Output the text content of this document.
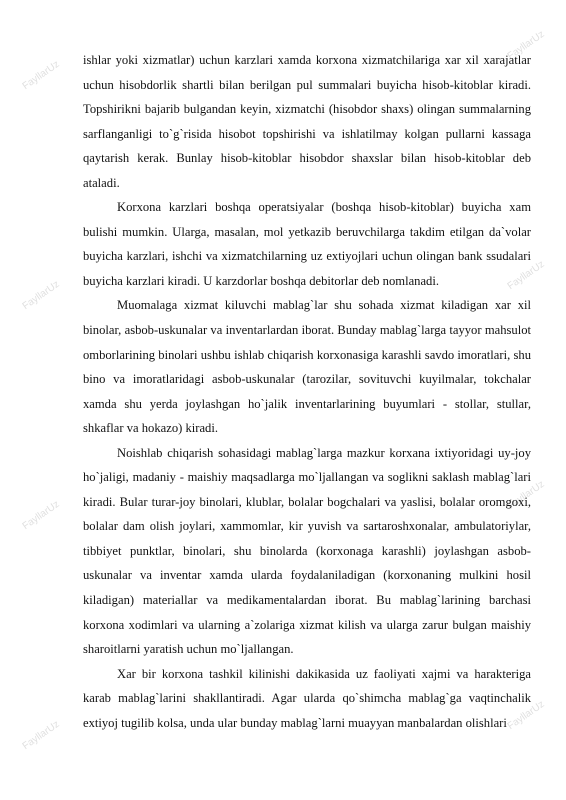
FayllarUz
FayllarUz
FayllarUz
FayllarUz
FayllarUz
FayllarUz
FayllarUz
FayllarUz

ishlar yoki xizmatlar) uchun karzlari xamda korxona xizmatchilariga xar xil xarajatlar uchun hisobdorlik shartli bilan berilgan pul summalari buyicha hisob-kitoblar kiradi. Topshirikni bajarib bulgandan keyin, xizmatchi (hisobdor shaxs) olingan summalarning sarflanganligi to`g`risida hisobot topshirishi va ishlatilmay kolgan pullarni kassaga qaytarish kerak. Bunlay hisob-kitoblar hisobdor shaxslar bilan hisob-kitoblar deb ataladi.

Korxona karzlari boshqa operatsiyalar (boshqa hisob-kitoblar) buyicha xam bulishi mumkin. Ularga, masalan, mol yetkazib beruvchilarga takdim etilgan da`volar buyicha karzlari, ishchi va xizmatchilarning uz extiyojlari uchun olingan bank ssudalari buyicha karzlari kiradi. U karzdorlar boshqa debitorlar deb nomlanadi.

Muomalaga xizmat kiluvchi mablag`lar shu sohada xizmat kiladigan xar xil binolar, asbob-uskunalar va inventarlardan iborat. Bunday mablag`larga tayyor mahsulot omborlarining binolari ushbu ishlab chiqarish korxonasiga karashli savdo imoratlari, shu bino va imoratlaridagi asbob-uskunalar (tarozilar, sovituvchi kuyilmalar, tokchalar xamda shu yerda joylashgan ho`jalik inventarlarining buyumlari - stollar, stullar, shkaflar va hokazo) kiradi.

Noishlab chiqarish sohasidagi mablag`larga mazkur korxana ixtiyoridagi uy-joy ho`jaligi, madaniy - maishiy maqsadlarga mo`ljallangan va soglikni saklash mablag`lari kiradi. Bular turar-joy binolari, klublar, bolalar bogchalari va yaslisi, bolalar oromgoxi, bolalar dam olish joylari, xammomlar, kir yuvish va sartaroshxonalar, ambulatoriylar, tibbiyet punktlar, binolari, shu binolarda (korxonaga karashli) joylashgan asbob-uskunalar va inventar xamda ularda foydalaniladigan (korxonaning mulkini hosil kiladigan) materiallar va medikamentalardan iborat. Bu mablag`larining barchasi korxona xodimlari va ularning a`zolariga xizmat kilish va ularga zarur bulgan maishiy sharoitlarni yaratish uchun mo`ljallangan.

Xar bir korxona tashkil kilinishi dakikasida uz faoliyati xajmi va harakteriga karab mablag`larini shakllantiradi. Agar ularda qo`shimcha mablag`ga vaqtinchalik extiyoj tugilib kolsa, unda ular bunday mablag`larni muayyan manbalardan olishlari
